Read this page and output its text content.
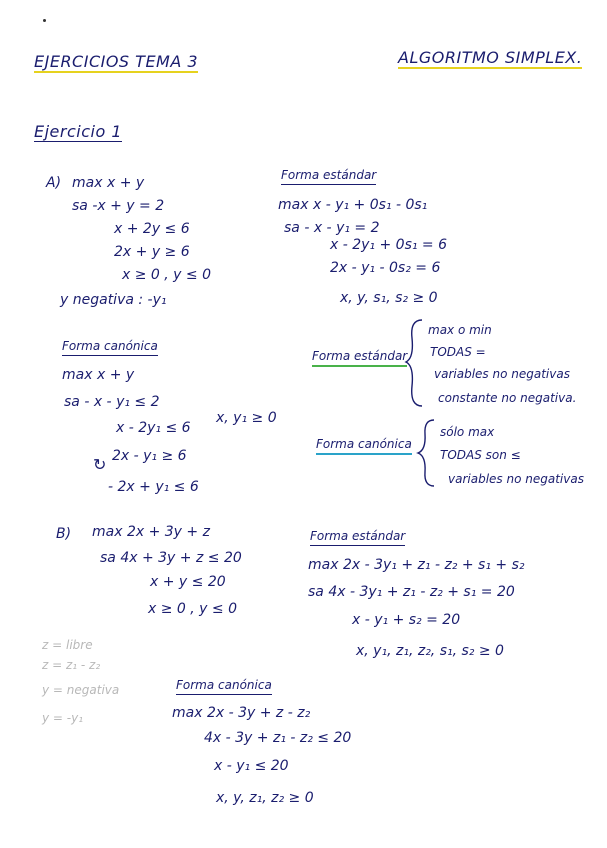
EJERCICIOS TEMA 3	ALGORITMO SIMPLEX.
Ejercicio 1
A) max x + y
sa -x + y = 2
x + 2y ≤ 6
2x + y ≥ 6
x ≥ 0 , y ≤ 0
y negativa : -y₁
Forma canónica
max x + y
sa - x - y₁ ≤ 2
x - 2y₁ ≤ 6
2x - y₁ ≥ 6
- 2x + y₁ ≤ 6
x, y₁ ≥ 0
↻
Forma estándar
max x - y₁ + 0s₁ - 0s₁
sa - x - y₁ = 2
x - 2y₁ + 0s₁ = 6
2x - y₁ - 0s₂ = 6
x, y, s₁, s₂ ≥ 0
Forma estándar
max o min
TODAS =
variables no negativas
constante no negativa.
Forma canónica
sólo max
TODAS son ≤
variables no negativas
B) max 2x + 3y + z
sa 4x + 3y + z ≤ 20
x + y ≤ 20
x ≥ 0 , y ≤ 0
z = libre
z = z₁ - z₂
y = negativa
y = -y₁
Forma estándar
max 2x - 3y₁ + z₁ - z₂ + s₁ + s₂
sa 4x - 3y₁ + z₁ - z₂ + s₁ = 20
x - y₁ + s₂ = 20
x, y₁, z₁, z₂, s₁, s₂ ≥ 0
Forma canónica
max 2x - 3y + z - z₂
4x - 3y + z₁ - z₂ ≤ 20
x - y₁ ≤ 20
x, y, z₁, z₂ ≥ 0
